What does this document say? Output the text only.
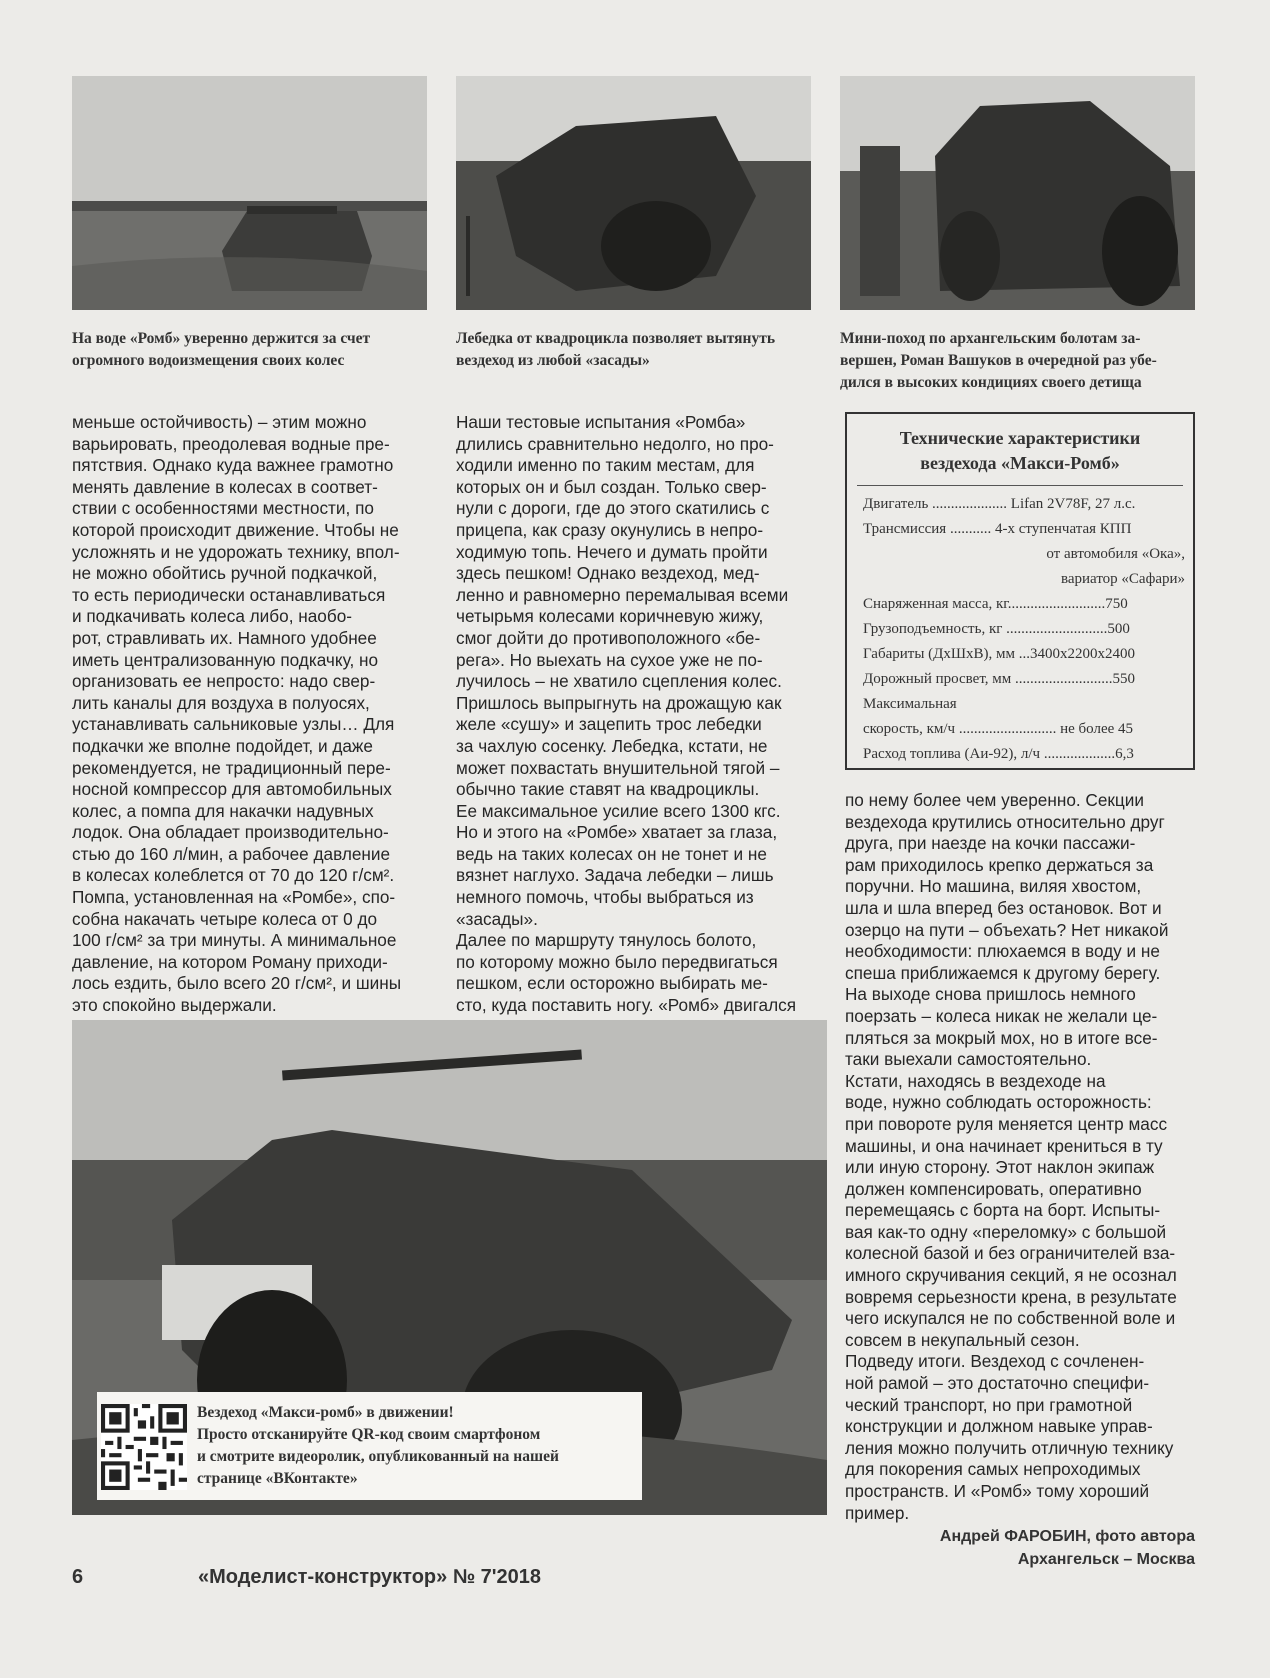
На воде «Ромб» уверенно держится за счет
огромного водоизмещения своих колес
Лебедка от квадроцикла позволяет вытянуть
вездеход из любой «засады»
Мини-поход по архангельским болотам за-
вершен, Роман Вашуков в очередной раз убе-
дился в высоких кондициях своего детища

меньше остойчивость) – этим можно
варьировать, преодолевая водные пре-
пятствия. Однако куда важнее грамотно
менять давление в колесах в соответ-
ствии с особенностями местности, по
которой происходит движение. Чтобы не
усложнять и не удорожать технику, впол-
не можно обойтись ручной подкачкой,
то есть периодически останавливаться
и подкачивать колеса либо, наобо-
рот, стравливать их. Намного удобнее
иметь централизованную подкачку, но
организовать ее непросто: надо свер-
лить каналы для воздуха в полуосях,
устанавливать сальниковые узлы… Для
подкачки же вполне подойдет, и даже
рекомендуется, не традиционный пере-
носной компрессор для автомобильных
колес, а помпа для накачки надувных
лодок. Она обладает производительно-
стью до 160 л/мин, а рабочее давление
в колесах колеблется от 70 до 120 г/см².
Помпа, установленная на «Ромбе», спо-
собна накачать четыре колеса от 0 до
100 г/см² за три минуты. А минимальное
давление, на котором Роману приходи-
лось ездить, было всего 20 г/см², и шины
это спокойно выдержали.

Наши тестовые испытания «Ромба»
длились сравнительно недолго, но про-
ходили именно по таким местам, для
которых он и был создан. Только свер-
нули с дороги, где до этого скатились с
прицепа, как сразу окунулись в непро-
ходимую топь. Нечего и думать пройти
здесь пешком! Однако вездеход, мед-
ленно и равномерно перемалывая всеми
четырьмя колесами коричневую жижу,
смог дойти до противоположного «бе-
рега». Но выехать на сухое уже не по-
лучилось – не хватило сцепления колес.
Пришлось выпрыгнуть на дрожащую как
желе «сушу» и зацепить трос лебедки
за чахлую сосенку. Лебедка, кстати, не
может похвастать внушительной тягой –
обычно такие ставят на квадроциклы.
Ее максимальное усилие всего 1300 кгс.
Но и этого на «Ромбе» хватает за глаза,
ведь на таких колесах он не тонет и не
вязнет наглухо. Задача лебедки – лишь
немного помочь, чтобы выбраться из
«засады».
Далее по маршруту тянулось болото,
по которому можно было передвигаться
пешком, если осторожно выбирать ме-
сто, куда поставить ногу. «Ромб» двигался

по нему более чем уверенно. Секции
вездехода крутились относительно друг
друга, при наезде на кочки пассажи-
рам приходилось крепко держаться за
поручни. Но машина, виляя хвостом,
шла и шла вперед без остановок. Вот и
озерцо на пути – объехать? Нет никакой
необходимости: плюхаемся в воду и не
спеша приближаемся к другому берегу.
На выходе снова пришлось немного
поерзать – колеса никак не желали це-
пляться за мокрый мох, но в итоге все-
таки выехали самостоятельно.
Кстати, находясь в вездеходе на
воде, нужно соблюдать осторожность:
при повороте руля меняется центр масс
машины, и она начинает крениться в ту
или иную сторону. Этот наклон экипаж
должен компенсировать, оперативно
перемещаясь с борта на борт. Испыты-
вая как-то одну «переломку» с большой
колесной базой и без ограничителей вза-
имного скручивания секций, я не осознал
вовремя серьезности крена, в результате
чего искупался не по собственной воле и
совсем в некупальный сезон.
Подведу итоги. Вездеход с сочленен-
ной рамой – это достаточно специфи-
ческий транспорт, но при грамотной
конструкции и должном навыке управ-
ления можно получить отличную технику
для покорения самых непроходимых
пространств. И «Ромб» тому хороший
пример.

Технические характеристики
вездехода «Макси-Ромб»
Двигатель .................... Lifan 2V78F, 27 л.с.
Трансмиссия ........... 4-х ступенчатая КПП
от автомобиля «Ока»,
вариатор «Сафари»
Снаряженная масса, кг..........................750
Грузоподъемность, кг ...........................500
Габариты (ДхШхВ), мм ...3400х2200х2400
Дорожный просвет, мм ..........................550
Максимальная
скорость, км/ч .......................... не более 45
Расход топлива (Аи-92), л/ч ...................6,3
Вездеход «Макси-ромб» в движении!
Просто отсканируйте QR-код своим смартфоном
и смотрите видеоролик, опубликованный на нашей
странице «ВКонтакте»
Андрей ФАРОБИН, фото автора
Архангельск – Москва
6	«Моделист-конструктор» № 7'2018
